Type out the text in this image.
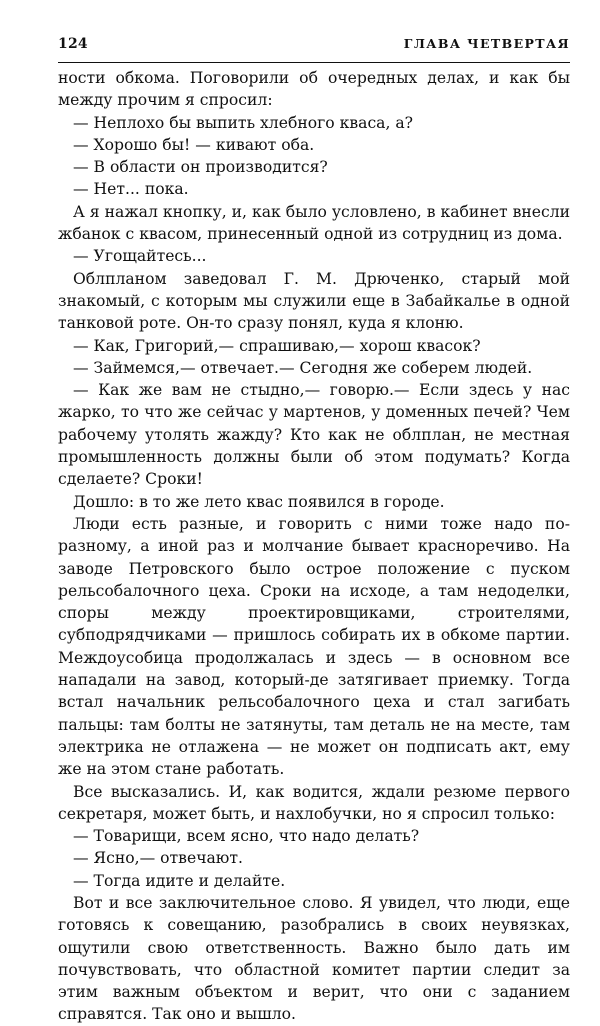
124	ГЛАВА ЧЕТВЕРТАЯ

ности обкома. Поговорили об очередных делах, и как бы между прочим я спросил:

— Неплохо бы выпить хлебного кваса, а?

— Хорошо бы! — кивают оба.

— В области он производится?

— Нет... пока.

А я нажал кнопку, и, как было условлено, в кабинет внесли жбанок с квасом, принесенный одной из сотрудниц из дома.

— Угощайтесь...

Облпланом заведовал Г. М. Дрюченко, старый мой знакомый, с которым мы служили еще в Забайкалье в одной танковой роте. Он-то сразу понял, куда я клоню.

— Как, Григорий,— спрашиваю,— хорош квасок?

— Займемся,— отвечает.— Сегодня же соберем людей.

— Как же вам не стыдно,— говорю.— Если здесь у нас жарко, то что же сейчас у мартенов, у доменных печей? Чем рабочему утолять жажду? Кто как не облплан, не местная промышленность должны были об этом подумать? Когда сделаете? Сроки!

Дошло: в то же лето квас появился в городе.

Люди есть разные, и говорить с ними тоже надо по-разному, а иной раз и молчание бывает красноречиво. На заводе Петровского было острое положение с пуском рельсобалочного цеха. Сроки на исходе, а там недоделки, споры между проектировщиками, строителями, субподрядчиками — пришлось собирать их в обкоме партии. Междоусобица продолжалась и здесь — в основном все нападали на завод, который-де затягивает приемку. Тогда встал начальник рельсобалочного цеха и стал загибать пальцы: там болты не затянуты, там деталь не на месте, там электрика не отлажена — не может он подписать акт, ему же на этом стане работать.

Все высказались. И, как водится, ждали резюме первого секретаря, может быть, и нахлобучки, но я спросил только:

— Товарищи, всем ясно, что надо делать?

— Ясно,— отвечают.

— Тогда идите и делайте.

Вот и все заключительное слово. Я увидел, что люди, еще готовясь к совещанию, разобрались в своих неувязках, ощутили свою ответственность. Важно было дать им почувствовать, что областной комитет партии следит за этим важным объектом и верит, что они с заданием справятся. Так оно и вышло.
